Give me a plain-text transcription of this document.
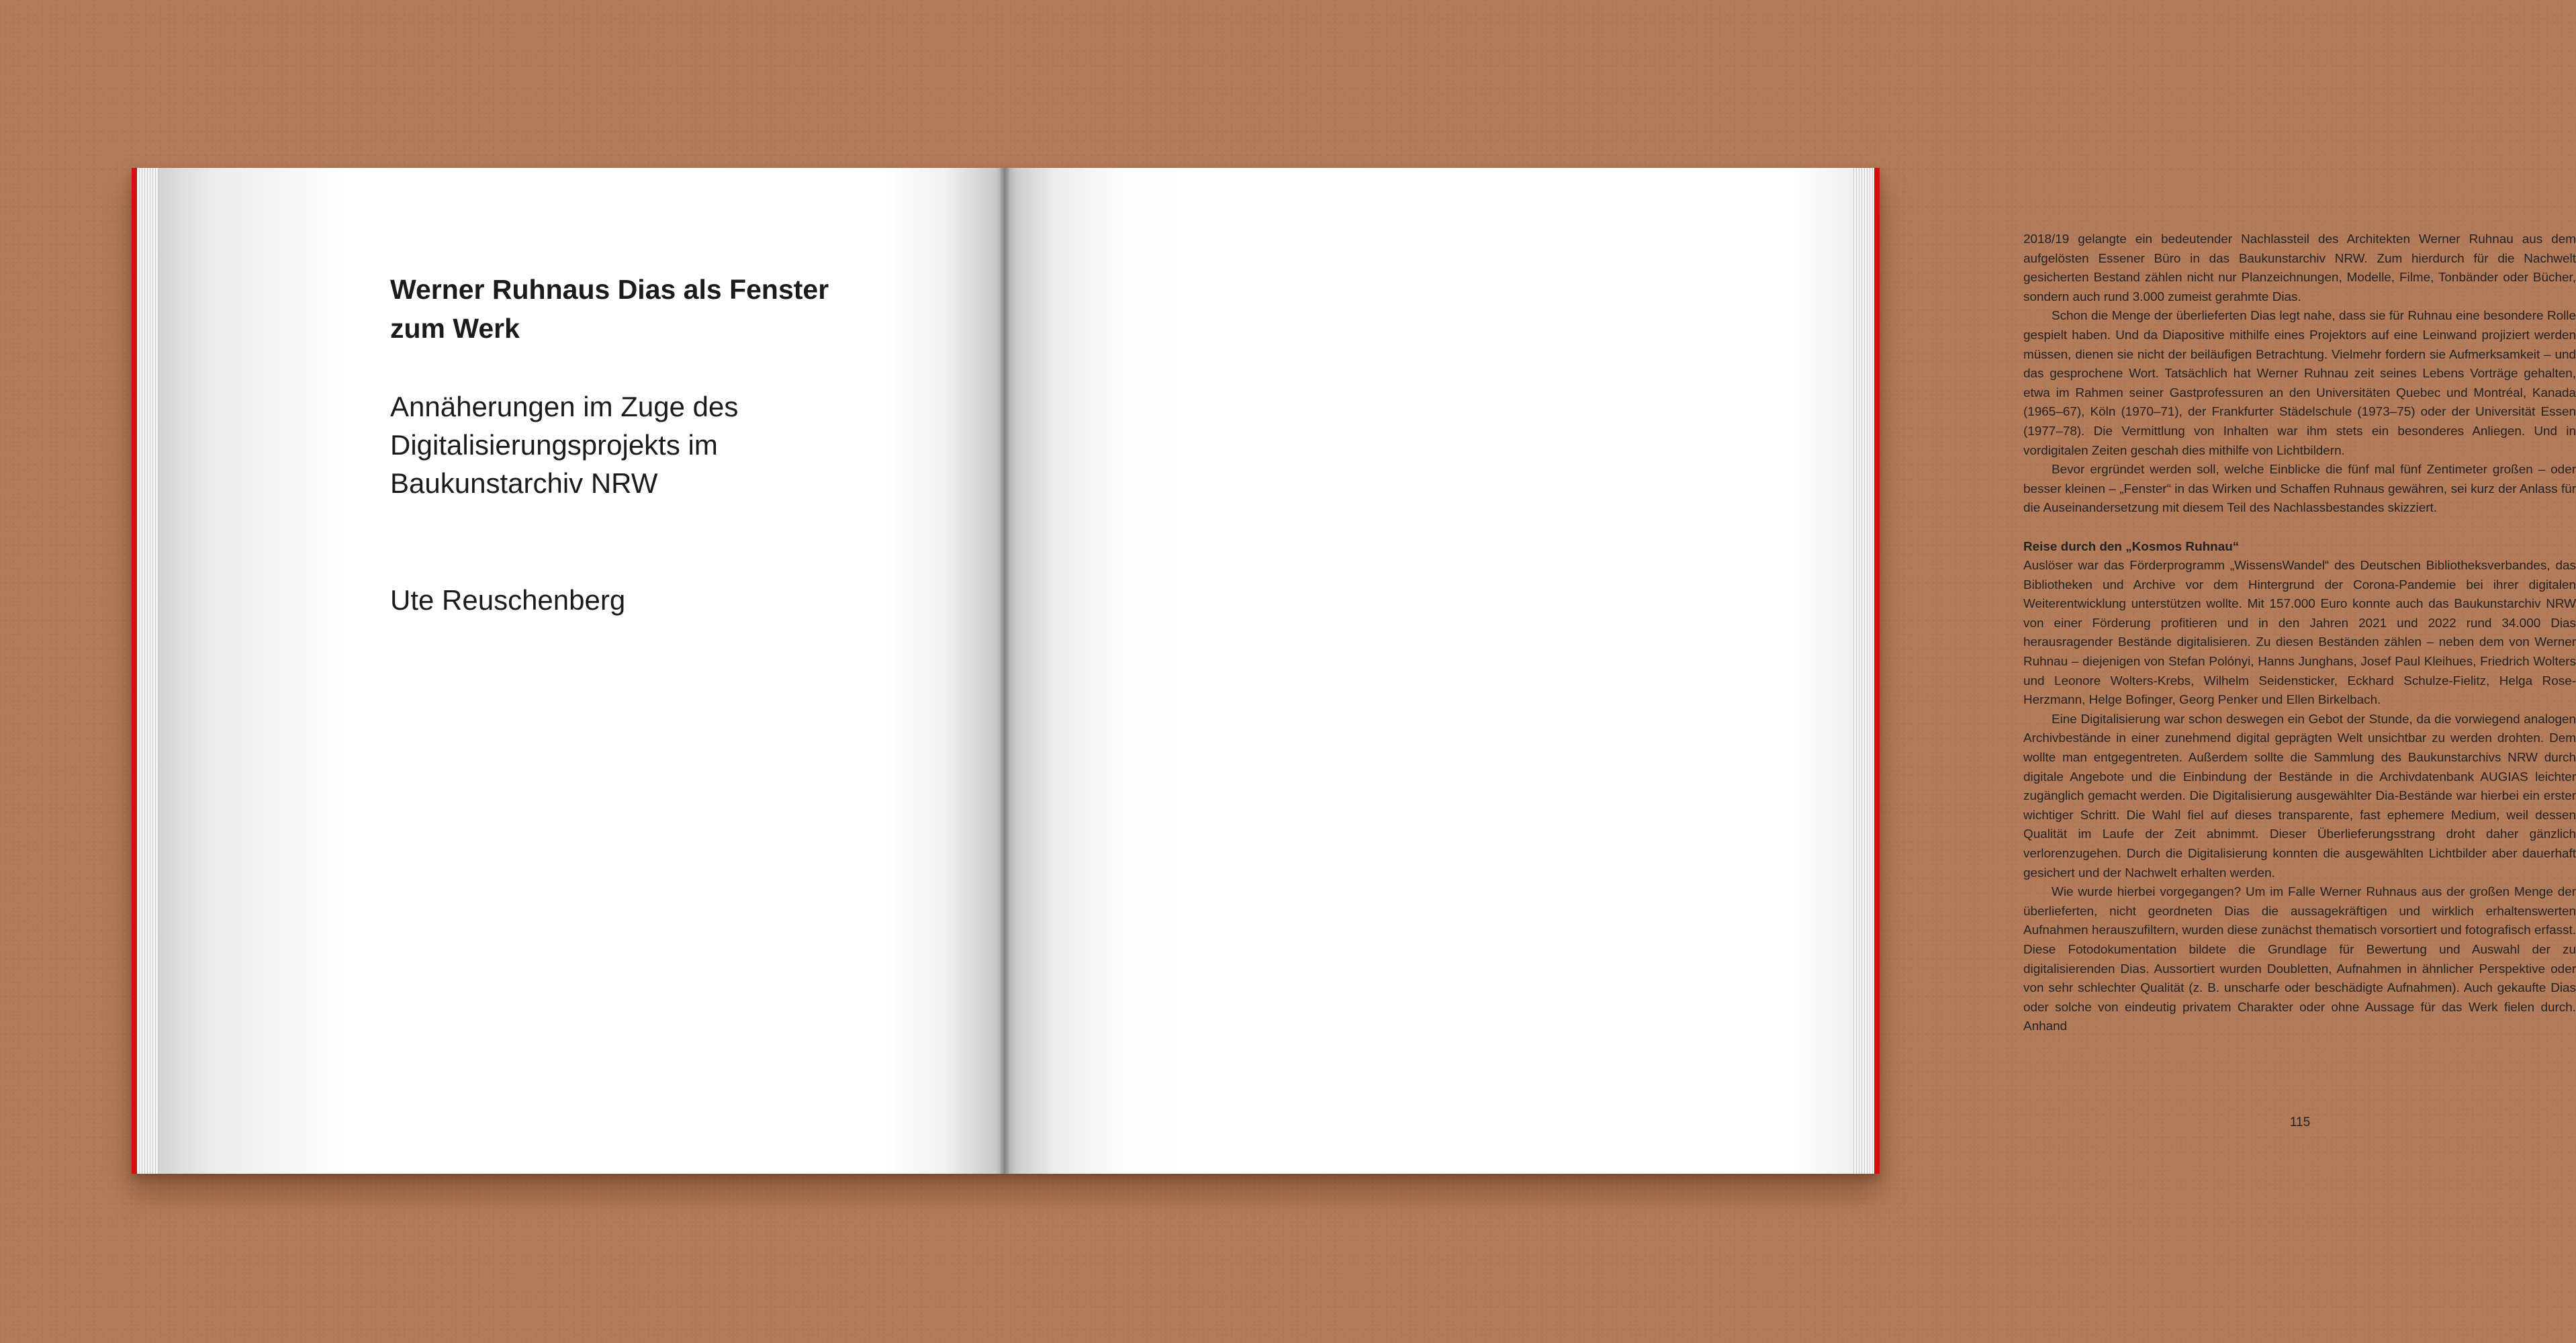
Werner Ruhnaus Dias als Fenster zum Werk
Annäherungen im Zuge des Digitalisierungsprojekts im Baukunstarchiv NRW
Ute Reuschenberg

2018/19 gelangte ein bedeutender Nachlassteil des Architekten Werner Ruhnau aus dem aufgelösten Essener Büro in das Baukunstarchiv NRW. Zum hierdurch für die Nachwelt gesicherten Bestand zählen nicht nur Planzeichnungen, Modelle, Filme, Tonbänder oder Bücher, sondern auch rund 3.000 zumeist gerahmte Dias.

Schon die Menge der überlieferten Dias legt nahe, dass sie für Ruhnau eine besondere Rolle gespielt haben. Und da Diapositive mithilfe eines Projektors auf eine Leinwand projiziert werden müssen, dienen sie nicht der beiläufigen Betrachtung. Vielmehr fordern sie Aufmerksamkeit – und das gesprochene Wort. Tatsächlich hat Werner Ruhnau zeit seines Lebens Vorträge gehalten, etwa im Rahmen seiner Gastprofessuren an den Universitäten Quebec und Montréal, Kanada (1965–67), Köln (1970–71), der Frankfurter Städelschule (1973–75) oder der Universität Essen (1977–78). Die Vermittlung von Inhalten war ihm stets ein besonderes Anliegen. Und in vordigitalen Zeiten geschah dies mithilfe von Lichtbildern.

Bevor ergründet werden soll, welche Einblicke die fünf mal fünf Zentimeter großen – oder besser kleinen – „Fenster“ in das Wirken und Schaffen Ruhnaus gewähren, sei kurz der Anlass für die Auseinandersetzung mit diesem Teil des Nachlassbestandes skizziert.

Reise durch den „Kosmos Ruhnau“

Auslöser war das Förderprogramm „WissensWandel“ des Deutschen Bibliotheksverbandes, das Bibliotheken und Archive vor dem Hintergrund der Corona-Pandemie bei ihrer digitalen Weiterentwicklung unterstützen wollte. Mit 157.000 Euro konnte auch das Baukunstarchiv NRW von einer Förderung profitieren und in den Jahren 2021 und 2022 rund 34.000 Dias herausragender Bestände digitalisieren. Zu diesen Beständen zählen – neben dem von Werner Ruhnau – diejenigen von Stefan Polónyi, Hanns Junghans, Josef Paul Kleihues, Friedrich Wolters und Leonore Wolters-Krebs, Wilhelm Seidensticker, Eckhard Schulze-Fielitz, Helga Rose-Herzmann, Helge Bofinger, Georg Penker und Ellen Birkelbach.

Eine Digitalisierung war schon deswegen ein Gebot der Stunde, da die vorwiegend analogen Archivbestände in einer zunehmend digital geprägten Welt unsichtbar zu werden drohten. Dem wollte man entgegentreten. Außerdem sollte die Sammlung des Baukunstarchivs NRW durch digitale Angebote und die Einbindung der Bestände in die Archivdatenbank AUGIAS leichter zugänglich gemacht werden. Die Digitalisierung ausgewählter Dia-Bestände war hierbei ein erster wichtiger Schritt. Die Wahl fiel auf dieses transparente, fast ephemere Medium, weil dessen Qualität im Laufe der Zeit abnimmt. Dieser Überlieferungsstrang droht daher gänzlich verlorenzugehen. Durch die Digitalisierung konnten die ausgewählten Lichtbilder aber dauerhaft gesichert und der Nachwelt erhalten werden.

Wie wurde hierbei vorgegangen? Um im Falle Werner Ruhnaus aus der großen Menge der überlieferten, nicht geordneten Dias die aussagekräftigen und wirklich erhaltenswerten Aufnahmen herauszufiltern, wurden diese zunächst thematisch vorsortiert und fotografisch erfasst. Diese Fotodokumentation bildete die Grundlage für Bewertung und Auswahl der zu digitalisierenden Dias. Aussortiert wurden Doubletten, Aufnahmen in ähnlicher Perspektive oder von sehr schlechter Qualität (z. B. unscharfe oder beschädigte Aufnahmen). Auch gekaufte Dias oder solche von eindeutig privatem Charakter oder ohne Aussage für das Werk fielen durch. Anhand

115
